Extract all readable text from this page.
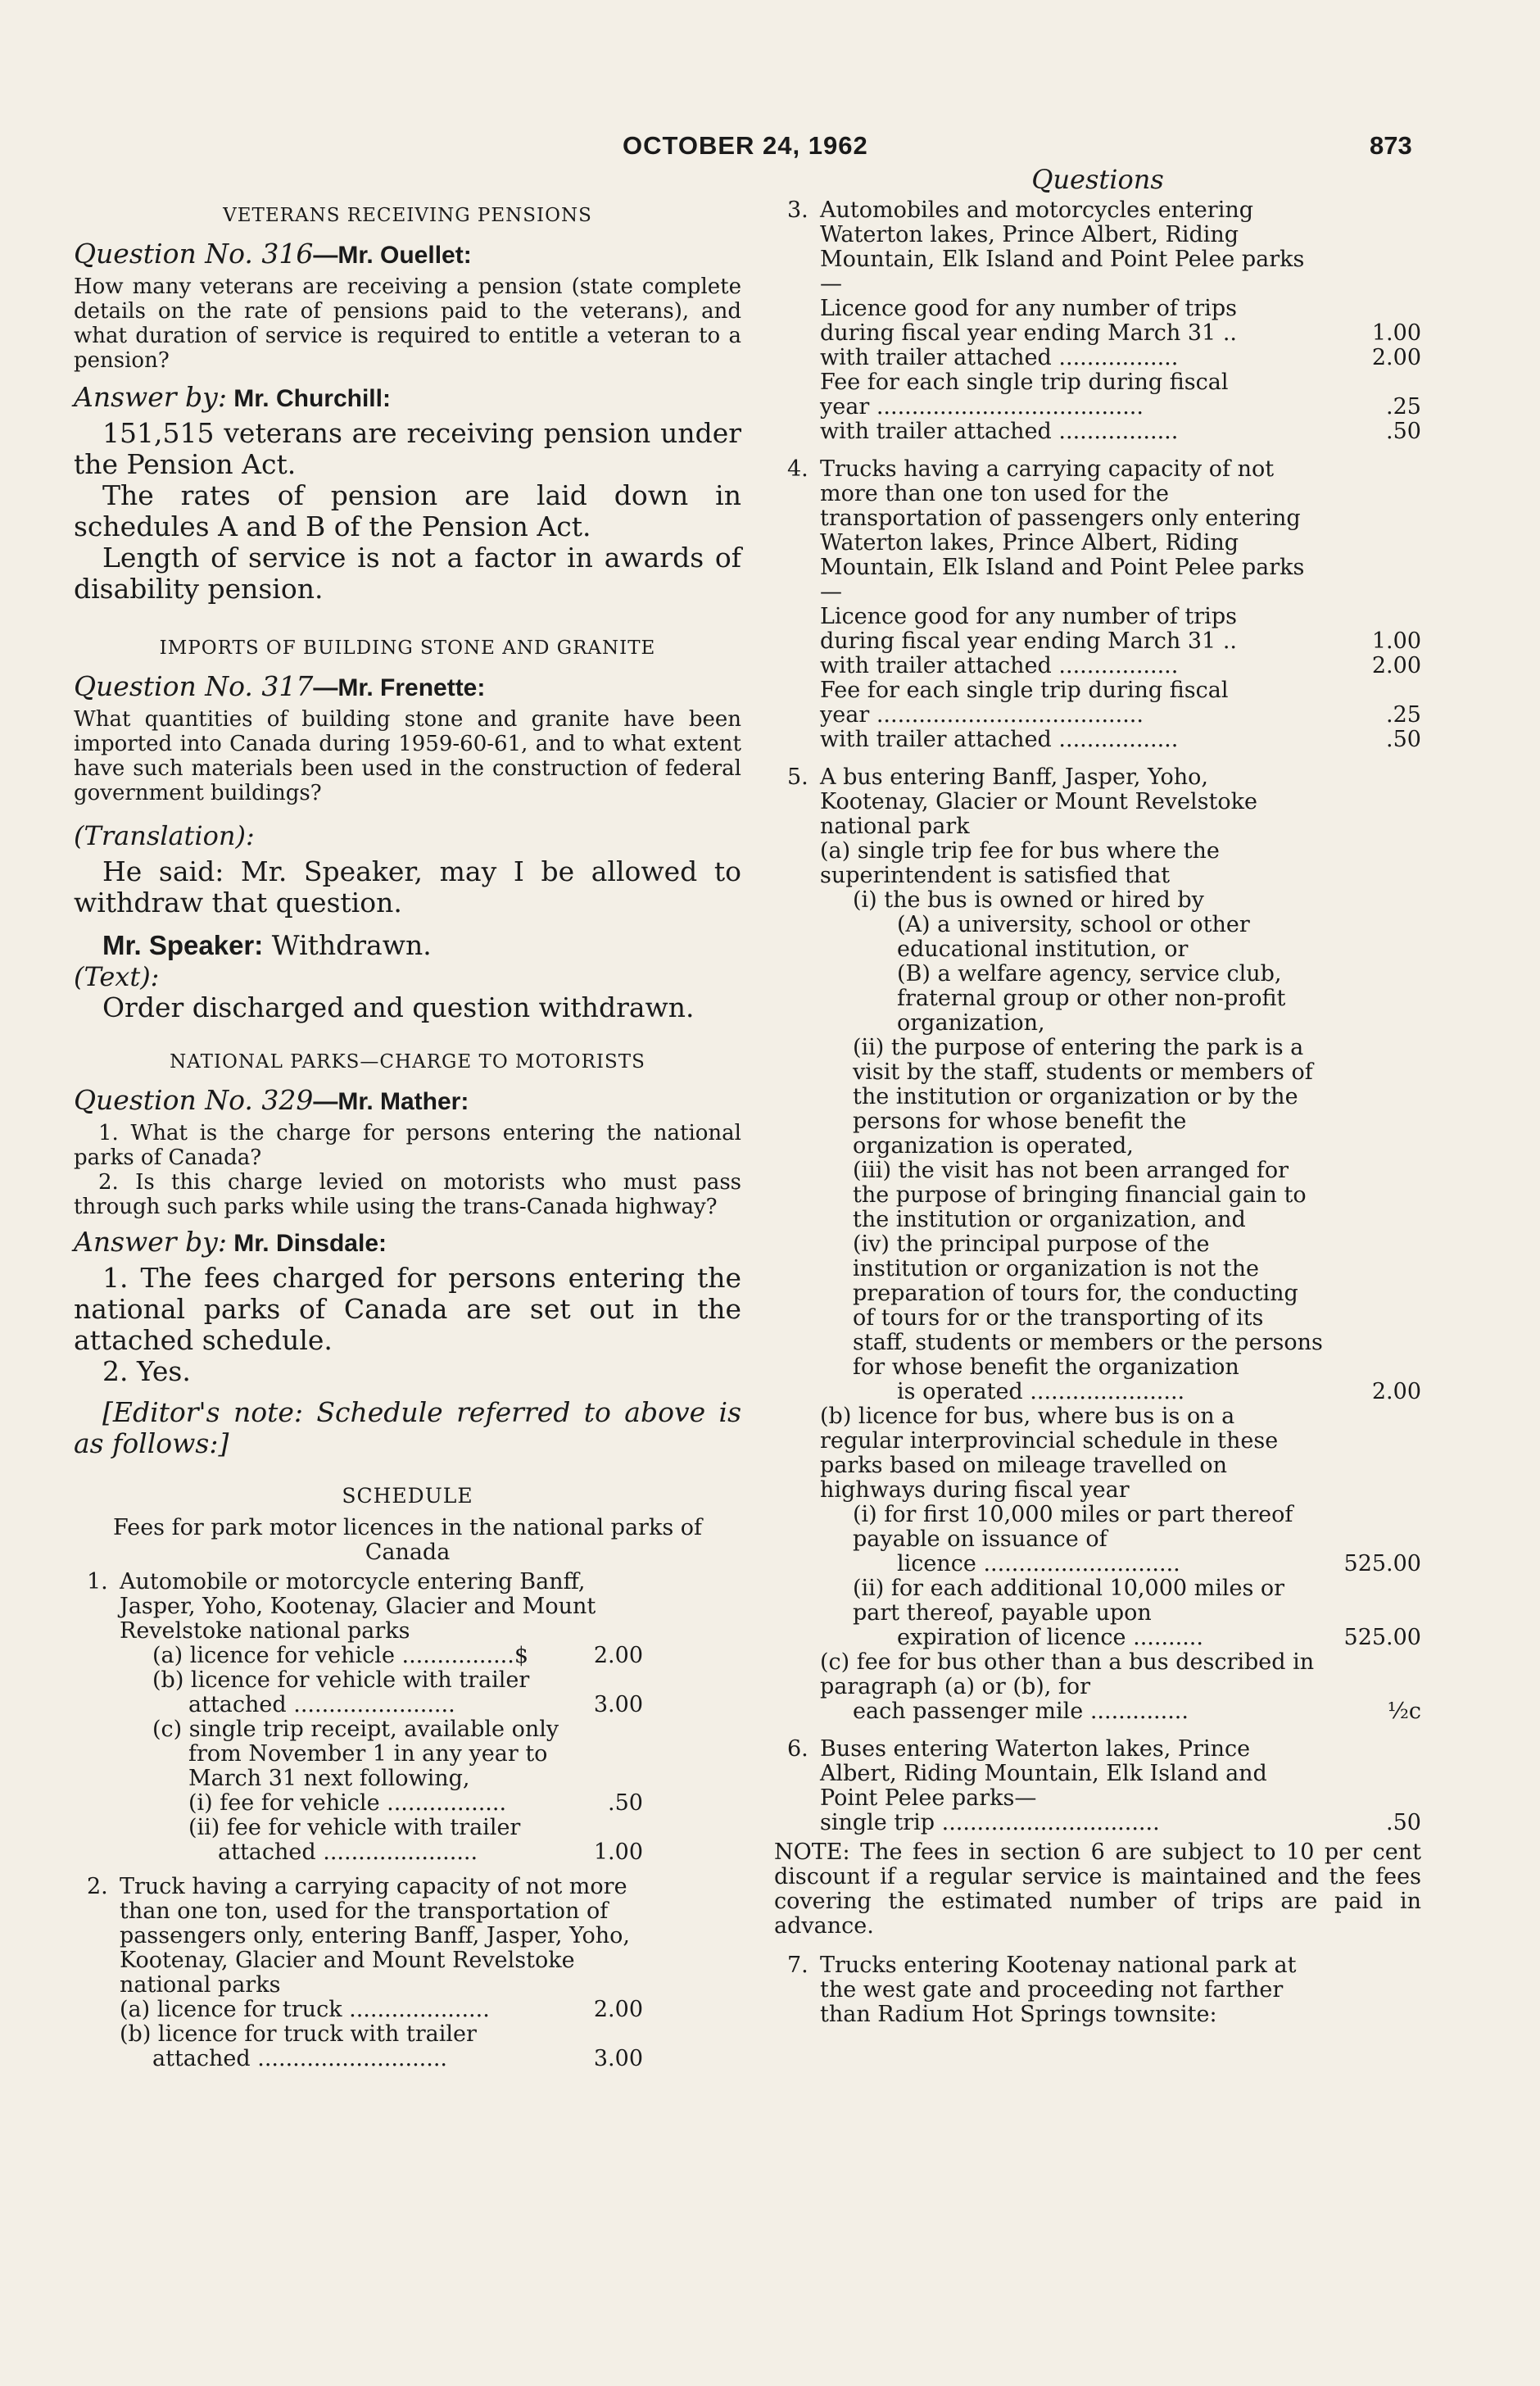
OCTOBER 24, 1962	873
VETERANS RECEIVING PENSIONS
Question No. 316—Mr. Ouellet:

How many veterans are receiving a pension (state complete details on the rate of pensions paid to the veterans), and what duration of service is required to entitle a veteran to a pension?

Answer by: Mr. Churchill:

151,515 veterans are receiving pension under the Pension Act.

The rates of pension are laid down in schedules A and B of the Pension Act.

Length of service is not a factor in awards of disability pension.

IMPORTS OF BUILDING STONE AND GRANITE
Question No. 317—Mr. Frenette:

What quantities of building stone and granite have been imported into Canada during 1959-60-61, and to what extent have such materials been used in the construction of federal government buildings?

(Translation):

He said: Mr. Speaker, may I be allowed to withdraw that question.

Mr. Speaker: Withdrawn.

(Text):

Order discharged and question withdrawn.

NATIONAL PARKS—CHARGE TO MOTORISTS
Question No. 329—Mr. Mather:

1. What is the charge for persons entering the national parks of Canada?

2. Is this charge levied on motorists who must pass through such parks while using the trans-Canada highway?

Answer by: Mr. Dinsdale:

1. The fees charged for persons entering the national parks of Canada are set out in the attached schedule.

2. Yes.

[Editor's note: Schedule referred to above is as follows:]

SCHEDULE

Fees for park motor licences in the national parks of Canada

1. Automobile or motorcycle entering Banff, Jasper, Yoho, Kootenay, Glacier and Mount Revelstoke national parks
(a) licence for vehicle ................$	2.00
(b) licence for vehicle with trailer
attached .......................	3.00
(c) single trip receipt, available only
from November 1 in any year to
March 31 next following,
(i) fee for vehicle .................	.50
(ii) fee for vehicle with trailer
attached ......................	1.00
2. Truck having a carrying capacity of not more than one ton, used for the transportation of passengers only, entering Banff, Jasper, Yoho, Kootenay, Glacier and Mount Revelstoke national parks
(a) licence for truck ....................	2.00
(b) licence for truck with trailer
attached ...........................	3.00
Questions
3. Automobiles and motorcycles entering Waterton lakes, Prince Albert, Riding Mountain, Elk Island and Point Pelee parks—
Licence good for any number of trips
during fiscal year ending March 31 ..	1.00
with trailer attached .................	2.00
Fee for each single trip during fiscal
year ......................................	.25
with trailer attached .................	.50
4. Trucks having a carrying capacity of not more than one ton used for the transportation of passengers only entering Waterton lakes, Prince Albert, Riding Mountain, Elk Island and Point Pelee parks—
Licence good for any number of trips
during fiscal year ending March 31 ..	1.00
with trailer attached .................	2.00
Fee for each single trip during fiscal
year ......................................	.25
with trailer attached .................	.50
5. A bus entering Banff, Jasper, Yoho, Kootenay, Glacier or Mount Revelstoke national park
(a) single trip fee for bus where the superintendent is satisfied that
(i) the bus is owned or hired by
(A) a university, school or other educational institution, or
(B) a welfare agency, service club, fraternal group or other non-profit organization,
(ii) the purpose of entering the park is a visit by the staff, students or members of the institution or organization or by the persons for whose benefit the organization is operated,
(iii) the visit has not been arranged for the purpose of bringing financial gain to the institution or organization, and
(iv) the principal purpose of the institution or organization is not the preparation of tours for, the conducting of tours for or the transporting of its staff, students or members or the persons for whose benefit the organization
is operated ......................	2.00
(b) licence for bus, where bus is on a regular interprovincial schedule in these parks based on mileage travelled on highways during fiscal year
(i) for first 10,000 miles or part thereof payable on issuance of
licence ............................	525.00
(ii) for each additional 10,000 miles or part thereof, payable upon
expiration of licence ..........	525.00
(c) fee for bus other than a bus described in paragraph (a) or (b), for
each passenger mile ..............	½c
6. Buses entering Waterton lakes, Prince Albert, Riding Mountain, Elk Island and Point Pelee parks—
single trip ...............................	.50

NOTE: The fees in section 6 are subject to 10 per cent discount if a regular service is maintained and the fees covering the estimated number of trips are paid in advance.

7. Trucks entering Kootenay national park at the west gate and proceeding not farther than Radium Hot Springs townsite:
